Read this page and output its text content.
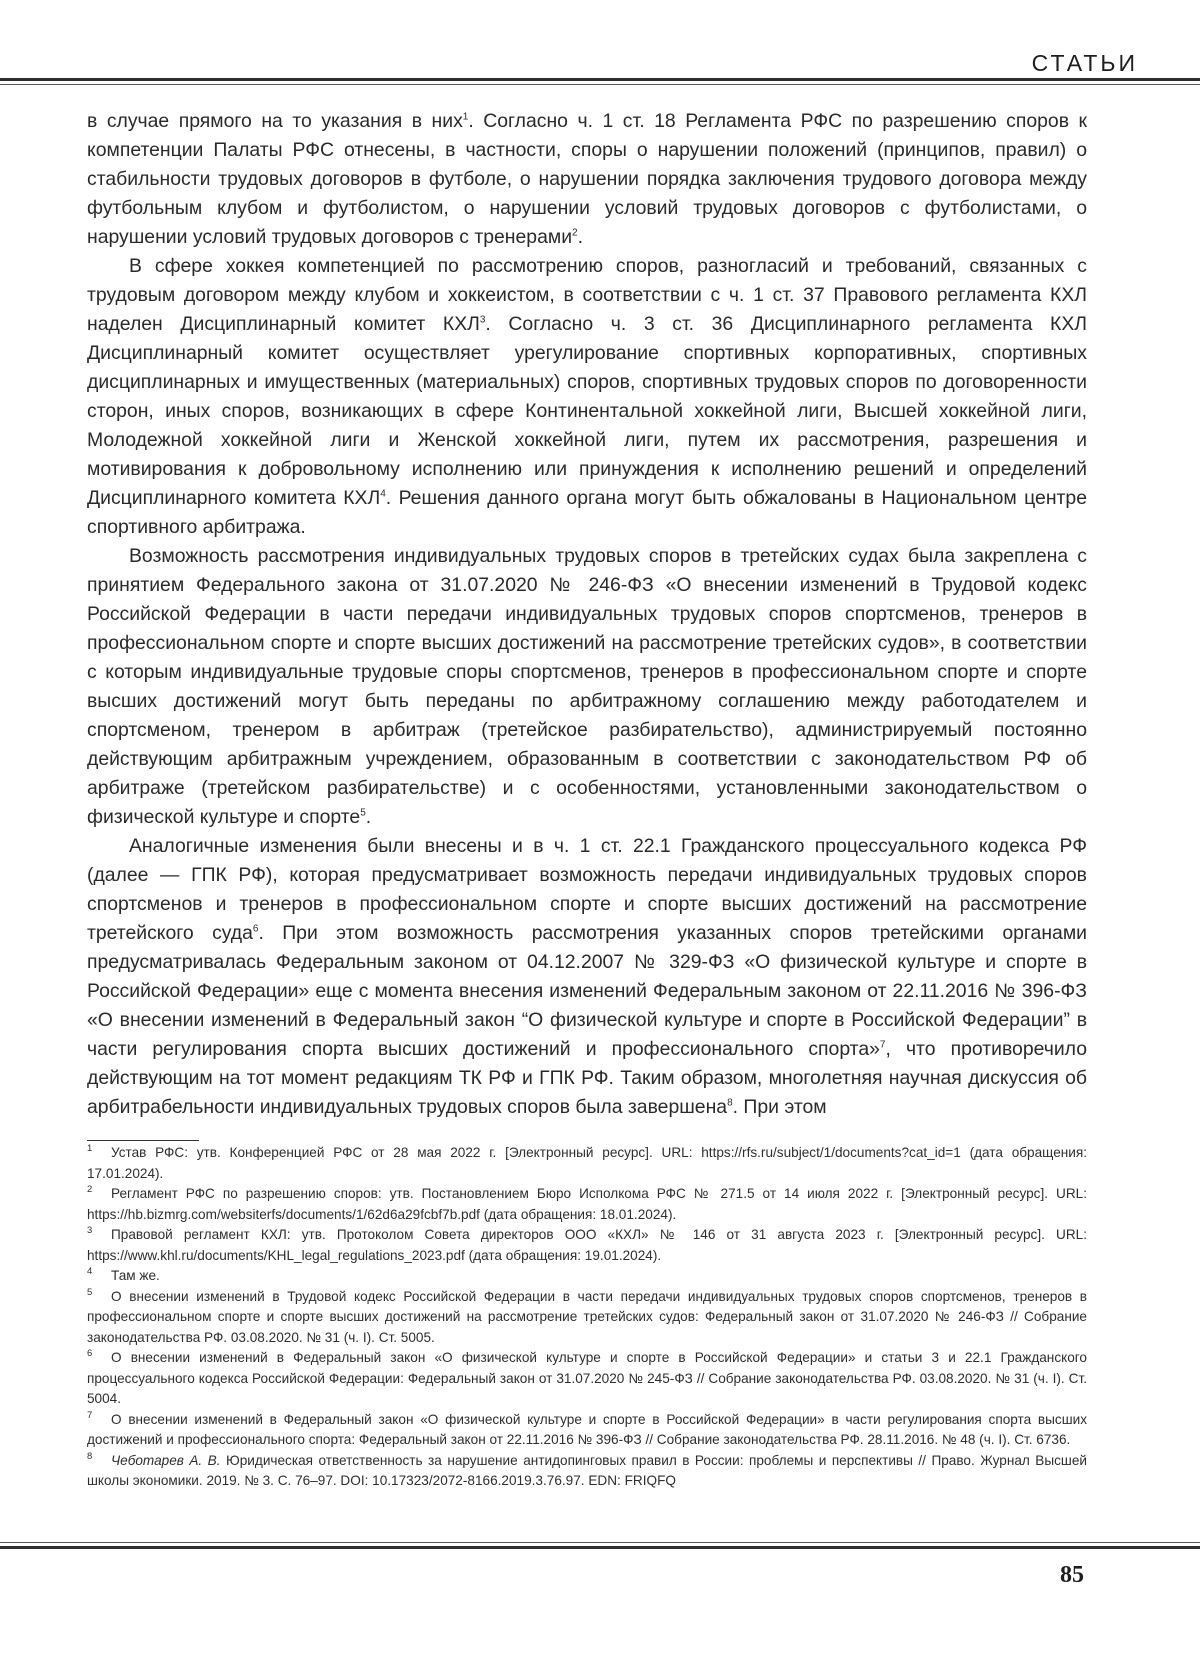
СТАТЬИ

в случае прямого на то указания в них$^1$. Согласно ч. 1 ст. 18 Регламента РФС по разрешению споров к компетенции Палаты РФС отнесены, в частности, споры о нарушении положений (принципов, правил) о стабильности трудовых договоров в футболе, о нарушении порядка заключения трудового договора между футбольным клубом и футболистом, о нарушении условий трудовых договоров с футболистами, о нарушении условий трудовых договоров с тренерами$^2$.

В сфере хоккея компетенцией по рассмотрению споров, разногласий и требований, связанных с трудовым договором между клубом и хоккеистом, в соответствии с ч. 1 ст. 37 Правового регламента КХЛ наделен Дисциплинарный комитет КХЛ$^3$. Согласно ч. 3 ст. 36 Дисциплинарного регламента КХЛ Дисциплинарный комитет осуществляет урегулирование спортивных корпоративных, спортивных дисциплинарных и имущественных (материальных) споров, спортивных трудовых споров по договоренности сторон, иных споров, возникающих в сфере Континентальной хоккейной лиги, Высшей хоккейной лиги, Молодежной хоккейной лиги и Женской хоккейной лиги, путем их рассмотрения, разрешения и мотивирования к добровольному исполнению или принуждения к исполнению решений и определений Дисциплинарного комитета КХЛ$^4$. Решения данного органа могут быть обжалованы в Национальном центре спортивного арбитража.

Возможность рассмотрения индивидуальных трудовых споров в третейских судах была закреплена с принятием Федерального закона от 31.07.2020 № 246-ФЗ «О внесении изменений в Трудовой кодекс Российской Федерации в части передачи индивидуальных трудовых споров спортсменов, тренеров в профессиональном спорте и спорте высших достижений на рассмотрение третейских судов», в соответствии с которым индивидуальные трудовые споры спортсменов, тренеров в профессиональном спорте и спорте высших достижений могут быть переданы по арбитражному соглашению между работодателем и спортсменом, тренером в арбитраж (третейское разбирательство), администрируемый постоянно действующим арбитражным учреждением, образованным в соответствии с законодательством РФ об арбитраже (третейском разбирательстве) и с особенностями, установленными законодательством о физической культуре и спорте$^5$.

Аналогичные изменения были внесены и в ч. 1 ст. 22.1 Гражданского процессуального кодекса РФ (далее — ГПК РФ), которая предусматривает возможность передачи индивидуальных трудовых споров спортсменов и тренеров в профессиональном спорте и спорте высших достижений на рассмотрение третейского суда$^6$. При этом возможность рассмотрения указанных споров третейскими органами предусматривалась Федеральным законом от 04.12.2007 № 329-ФЗ «О физической культуре и спорте в Российской Федерации» еще с момента внесения изменений Федеральным законом от 22.11.2016 № 396-ФЗ «О внесении изменений в Федеральный закон “О физической культуре и спорте в Российской Федерации” в части регулирования спорта высших достижений и профессионального спорта»$^7$, что противоречило действующим на тот момент редакциям ТК РФ и ГПК РФ. Таким образом, многолетняя научная дискуссия об арбитрабельности индивидуальных трудовых споров была завершена$^8$. При этом

1 Устав РФС: утв. Конференцией РФС от 28 мая 2022 г. [Электронный ресурс]. URL: https://rfs.ru/subject/1/documents?cat_id=1 (дата обращения: 17.01.2024).

2 Регламент РФС по разрешению споров: утв. Постановлением Бюро Исполкома РФС № 271.5 от 14 июля 2022 г. [Электронный ресурс]. URL: https://hb.bizmrg.com/websiterfs/documents/1/62d6a29fcbf7b.pdf (дата обращения: 18.01.2024).

3 Правовой регламент КХЛ: утв. Протоколом Совета директоров ООО «КХЛ» № 146 от 31 августа 2023 г. [Электронный ресурс]. URL: https://www.khl.ru/documents/KHL_legal_regulations_2023.pdf (дата обращения: 19.01.2024).

4 Там же.

5 О внесении изменений в Трудовой кодекс Российской Федерации в части передачи индивидуальных трудовых споров спортсменов, тренеров в профессиональном спорте и спорте высших достижений на рассмотрение третейских судов: Федеральный закон от 31.07.2020 № 246-ФЗ // Собрание законодательства РФ. 03.08.2020. № 31 (ч. I). Ст. 5005.

6 О внесении изменений в Федеральный закон «О физической культуре и спорте в Российской Федерации» и статьи 3 и 22.1 Гражданского процессуального кодекса Российской Федерации: Федеральный закон от 31.07.2020 № 245-ФЗ // Собрание законодательства РФ. 03.08.2020. № 31 (ч. I). Ст. 5004.

7 О внесении изменений в Федеральный закон «О физической культуре и спорте в Российской Федерации» в части регулирования спорта высших достижений и профессионального спорта: Федеральный закон от 22.11.2016 № 396-ФЗ // Собрание законодательства РФ. 28.11.2016. № 48 (ч. I). Ст. 6736.

8 Чеботарев А. В. Юридическая ответственность за нарушение антидопинговых правил в России: проблемы и перспективы // Право. Журнал Высшей школы экономики. 2019. № 3. С. 76–97. DOI: 10.17323/2072-8166.2019.3.76.97. EDN: FRIQFQ

85
